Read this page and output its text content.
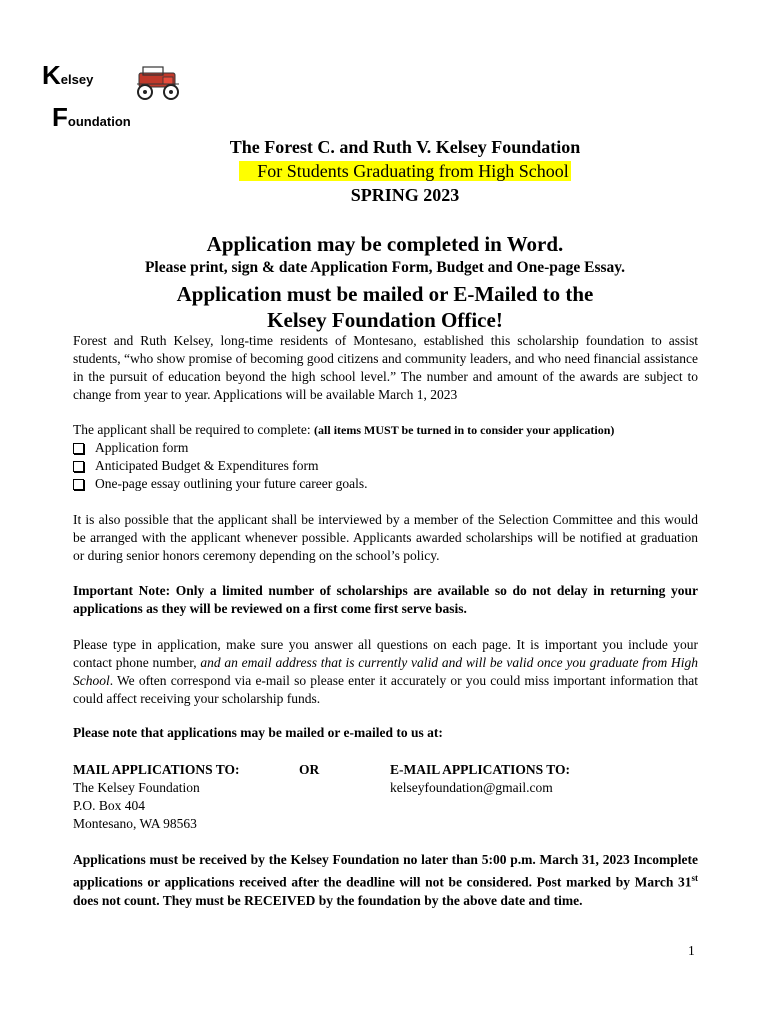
Kelsey
Foundation
The Forest C. and Ruth V. Kelsey Foundation
For Students Graduating from High School
SPRING 2023
Application may be completed in Word.
Please print, sign & date Application Form, Budget and One-page Essay.
Application must be mailed or E-Mailed to the
Kelsey Foundation Office!
Forest and Ruth Kelsey, long-time residents of Montesano, established this scholarship foundation to assist students, “who show promise of becoming good citizens and community leaders, and who need financial assistance in the pursuit of education beyond the high school level.” The number and amount of the awards are subject to change from year to year. Applications will be available March 1, 2023
The applicant shall be required to complete: (all items MUST be turned in to consider your application)
Application form
Anticipated Budget & Expenditures form
One-page essay outlining your future career goals.
It is also possible that the applicant shall be interviewed by a member of the Selection Committee and this would be arranged with the applicant whenever possible. Applicants awarded scholarships will be notified at graduation or during senior honors ceremony depending on the school’s policy.
Important Note: Only a limited number of scholarships are available so do not delay in returning your applications as they will be reviewed on a first come first serve basis.
Please type in application, make sure you answer all questions on each page. It is important you include your contact phone number, and an email address that is currently valid and will be valid once you graduate from High School. We often correspond via e-mail so please enter it accurately or you could miss important information that could affect receiving your scholarship funds.
Please note that applications may be mailed or e-mailed to us at:
MAIL APPLICATIONS TO:
The Kelsey Foundation
P.O. Box 404
Montesano, WA 98563
OR	E-MAIL APPLICATIONS TO:
kelseyfoundation@gmail.com
Applications must be received by the Kelsey Foundation no later than 5:00 p.m. March 31, 2023 Incomplete applications or applications received after the deadline will not be considered. Post marked by March 31st does not count. They must be RECEIVED by the foundation by the above date and time.
1
